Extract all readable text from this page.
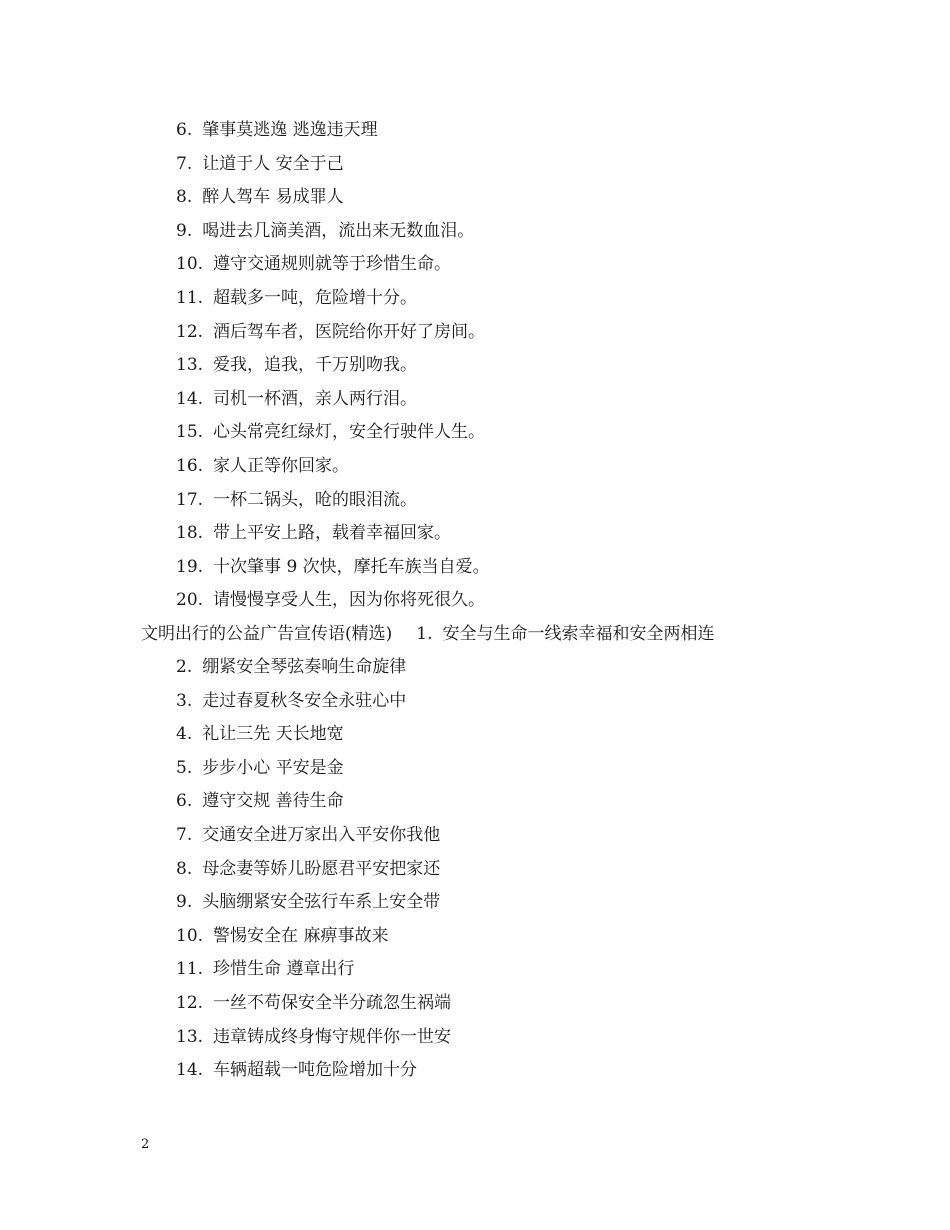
6. 肇事莫逃逸 逃逸违天理
7. 让道于人 安全于己
8. 醉人驾车 易成罪人
9. 喝进去几滴美酒，流出来无数血泪。
10. 遵守交通规则就等于珍惜生命。
11. 超载多一吨，危险增十分。
12. 酒后驾车者，医院给你开好了房间。
13. 爱我，追我，千万别吻我。
14. 司机一杯酒，亲人两行泪。
15. 心头常亮红绿灯，安全行驶伴人生。
16. 家人正等你回家。
17. 一杯二锅头，呛的眼泪流。
18. 带上平安上路，载着幸福回家。
19. 十次肇事 9 次快，摩托车族当自爱。
20. 请慢慢享受人生，因为你将死很久。
文明出行的公益广告宣传语(精选) 1. 安全与生命一线索幸福和安全两相连
2. 绷紧安全琴弦奏响生命旋律
3. 走过春夏秋冬安全永驻心中
4. 礼让三先 天长地宽
5. 步步小心 平安是金
6. 遵守交规 善待生命
7. 交通安全进万家出入平安你我他
8. 母念妻等娇儿盼愿君平安把家还
9. 头脑绷紧安全弦行车系上安全带
10. 警惕安全在 麻痹事故来
11. 珍惜生命 遵章出行
12. 一丝不苟保安全半分疏忽生祸端
13. 违章铸成终身悔守规伴你一世安
14. 车辆超载一吨危险增加十分
2
